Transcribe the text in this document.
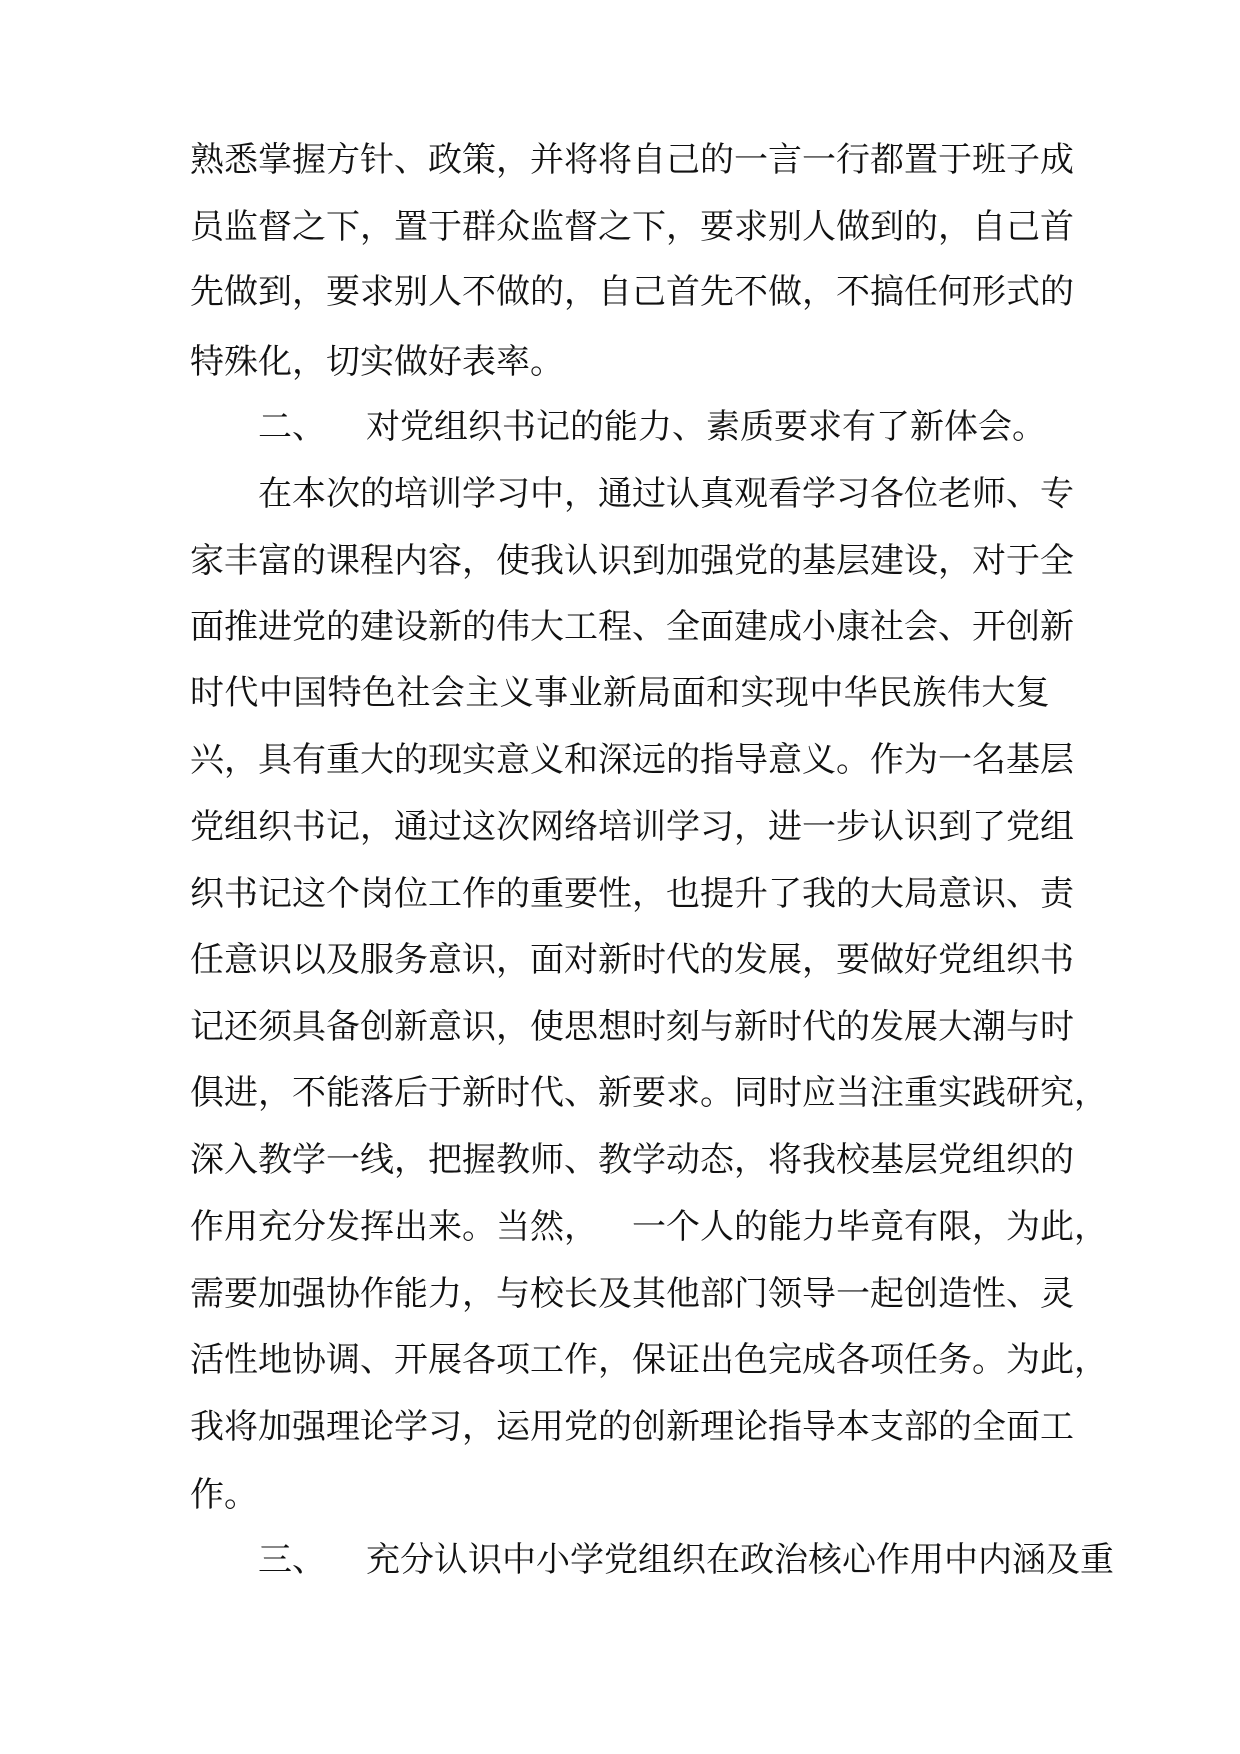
熟 悉 掌 握 方 针 、 政 策 ， 并 将 将 自 己 的 一 言 一 行 都 置 于 班 子 成
员 监 督 之 下 ， 置 于 群 众 监 督 之 下 ， 要 求 别 人 做 到 的 ， 自 己 首
先 做 到 ， 要 求 别 人 不 做 的 ， 自 己 首 先 不 做 ， 不 搞 任 何 形 式 的
特殊化，切实做好表率。
二、 对党组织书记的能力、素质要求有了新体会。
在 本 次 的 培 训 学 习 中 ， 通 过 认 真 观 看 学 习 各 位 老 师 、 专
家 丰 富 的 课 程 内 容 ， 使 我 认 识 到 加 强 党 的 基 层 建 设 ， 对 于 全
面 推 进 党 的 建 设 新 的 伟 大 工 程 、 全 面 建 成 小 康 社 会 、 开 创 新
时 代 中 国 特 色 社 会 主 义 事 业 新 局 面 和 实 现 中 华 民 族 伟 大 复
兴 ， 具 有 重 大 的 现 实 意 义 和 深 远 的 指 导 意 义 。 作 为 一 名 基 层
党 组 织 书 记 ， 通 过 这 次 网 络 培 训 学 习 ， 进 一 步 认 识 到 了 党 组
织 书 记 这 个 岗 位 工 作 的 重 要 性 ， 也 提 升 了 我 的 大 局 意 识 、 责
任 意 识 以 及 服 务 意 识 ， 面 对 新 时 代 的 发 展 ， 要 做 好 党 组 织 书
记 还 须 具 备 创 新 意 识 ， 使 思 想 时 刻 与 新 时 代 的 发 展 大 潮 与 时
俱 进 ， 不 能 落 后 于 新 时 代 、 新 要 求 。 同 时 应 当 注 重 实 践 研 究 ，
深 入 教 学 一 线 ， 把 握 教 师 、 教 学 动 态 ， 将 我 校 基 层 党 组 织 的
作 用 充 分 发 挥 出 来 。 当 然 ，
　 一 个 人 的 能 力 毕 竟 有 限 ， 为 此 ，
需 要 加 强 协 作 能 力 ， 与 校 长 及 其 他 部 门 领 导 一 起 创 造 性 、 灵
活 性 地 协 调 、 开 展 各 项 工 作 ， 保 证 出 色 完 成 各 项 任 务 。 为 此 ，
我 将 加 强 理 论 学 习 ， 运 用 党 的 创 新 理 论 指 导 本 支 部 的 全 面 工
作。
三、 充分认识中小学党组织在政治核心作用中内涵及重
